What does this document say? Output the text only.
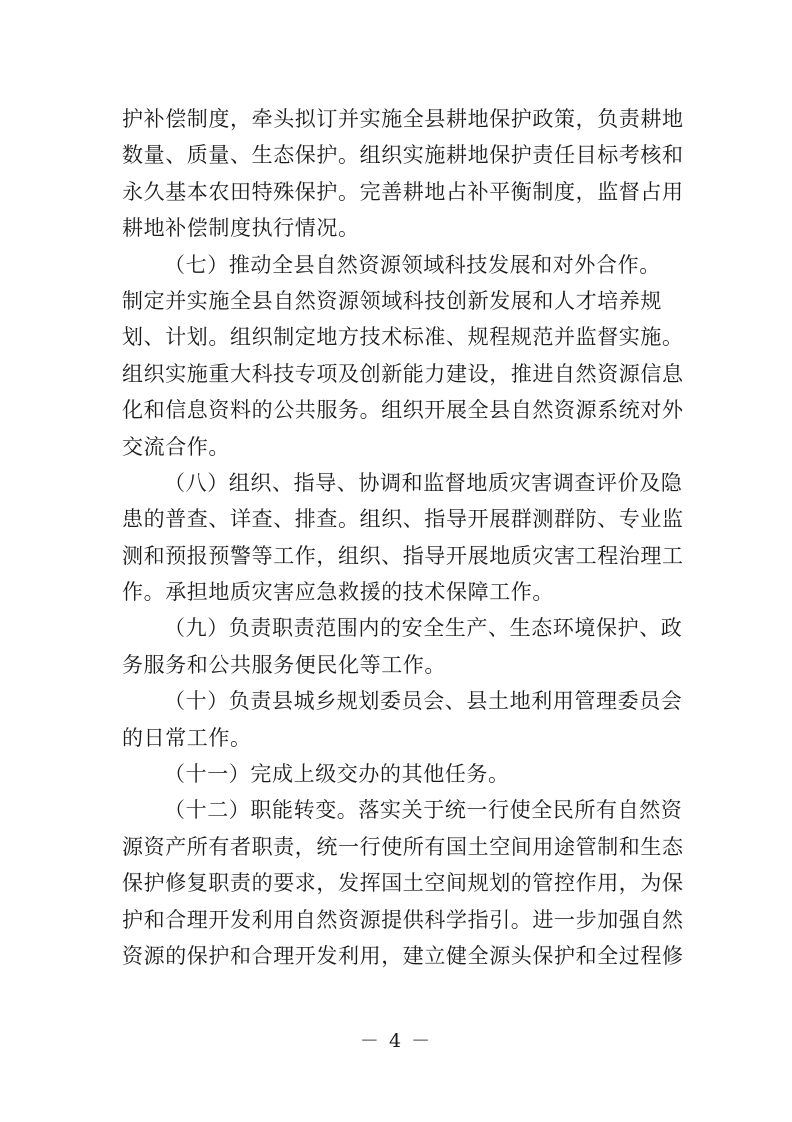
护补偿制度，牵头拟订并实施全县耕地保护政策，负责耕地
数量、质量、生态保护。组织实施耕地保护责任目标考核和
永久基本农田特殊保护。完善耕地占补平衡制度，监督占用
耕地补偿制度执行情况。
（七）推动全县自然资源领域科技发展和对外合作。
制定并实施全县自然资源领域科技创新发展和人才培养规
划、计划。组织制定地方技术标准、规程规范并监督实施。
组织实施重大科技专项及创新能力建设，推进自然资源信息
化和信息资料的公共服务。组织开展全县自然资源系统对外
交流合作。
（八）组织、指导、协调和监督地质灾害调查评价及隐
患的普查、详查、排查。组织、指导开展群测群防、专业监
测和预报预警等工作，组织、指导开展地质灾害工程治理工
作。承担地质灾害应急救援的技术保障工作。
（九）负责职责范围内的安全生产、生态环境保护、政
务服务和公共服务便民化等工作。
（十）负责县城乡规划委员会、县土地利用管理委员会
的日常工作。
（十一）完成上级交办的其他任务。
（十二）职能转变。落实关于统一行使全民所有自然资
源资产所有者职责，统一行使所有国土空间用途管制和生态
保护修复职责的要求，发挥国土空间规划的管控作用，为保
护和合理开发利用自然资源提供科学指引。进一步加强自然
资源的保护和合理开发利用，建立健全源头保护和全过程修
－ 4 －
